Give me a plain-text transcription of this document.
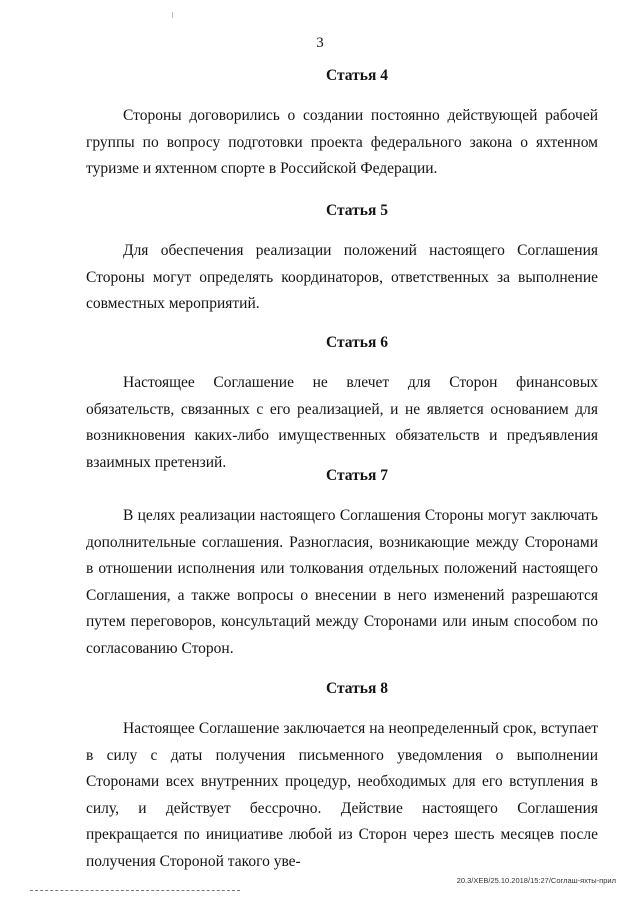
3

Статья 4

Стороны договорились о создании постоянно действующей рабочей группы по вопросу подготовки проекта федерального закона о яхтенном туризме и яхтенном спорте в Российской Федерации.

Статья 5

Для обеспечения реализации положений настоящего Соглашения Стороны могут определять координаторов, ответственных за выполнение совместных мероприятий.

Статья 6

Настоящее Соглашение не влечет для Сторон финансовых обязательств, связанных с его реализацией, и не является основанием для возникновения каких-либо имущественных обязательств и предъявления взаимных претензий.

Статья 7

В целях реализации настоящего Соглашения Стороны могут заключать дополнительные соглашения. Разногласия, возникающие между Сторонами в отношении исполнения или толкования отдельных положений настоящего Соглашения, а также вопросы о внесении в него изменений разрешаются путем переговоров, консультаций между Сторонами или иным способом по согласованию Сторон.

Статья 8

Настоящее Соглашение заключается на неопределенный срок, вступает в силу с даты получения письменного уведомления о выполнении Сторонами всех внутренних процедур, необходимых для его вступления в силу, и действует бессрочно. Действие настоящего Соглашения прекращается по инициативе любой из Сторон через шесть месяцев после получения Стороной такого уве-

20.3/XEB/25.10.2018/15:27/Соглаш-яхты-прил
